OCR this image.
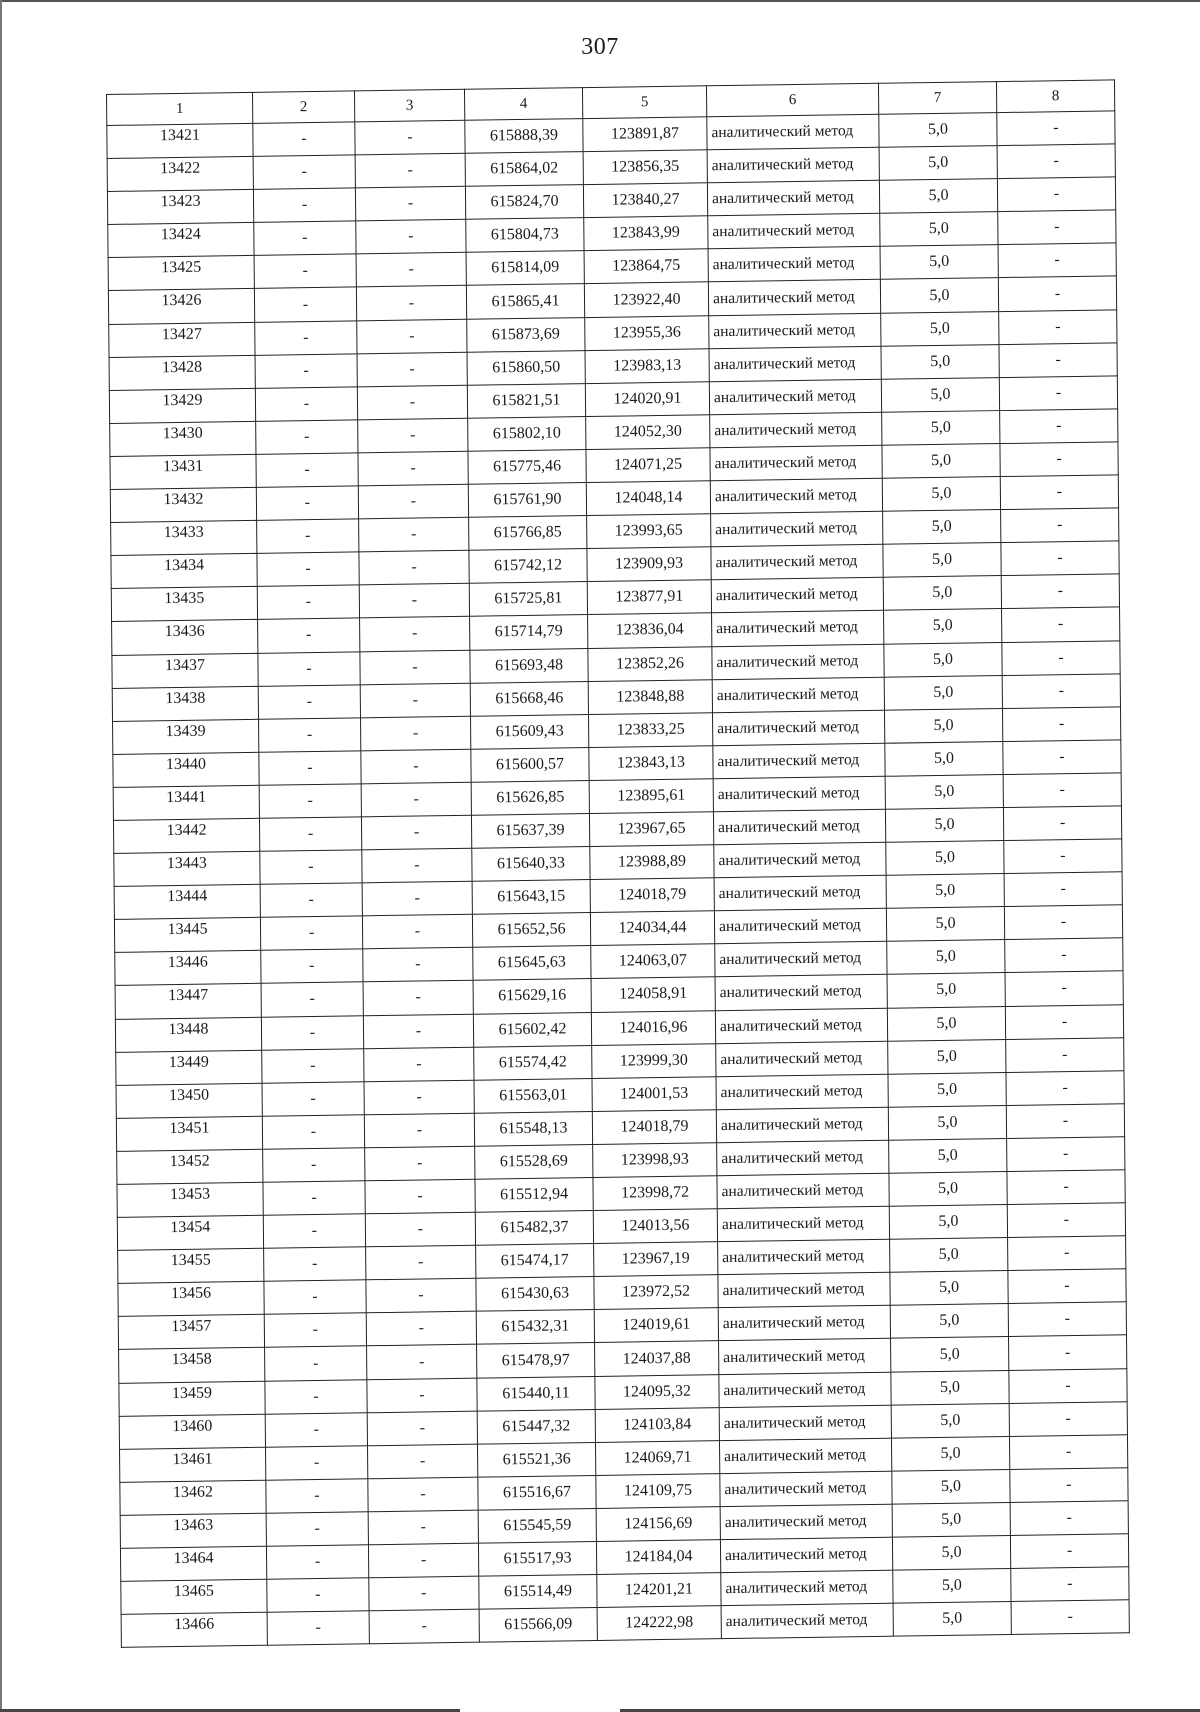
307
1	2	3	4	5	6	7	8
13421	-	-	615888,39	123891,87	аналитический метод	5,0	-
13422	-	-	615864,02	123856,35	аналитический метод	5,0	-
13423	-	-	615824,70	123840,27	аналитический метод	5,0	-
13424	-	-	615804,73	123843,99	аналитический метод	5,0	-
13425	-	-	615814,09	123864,75	аналитический метод	5,0	-
13426	-	-	615865,41	123922,40	аналитический метод	5,0	-
13427	-	-	615873,69	123955,36	аналитический метод	5,0	-
13428	-	-	615860,50	123983,13	аналитический метод	5,0	-
13429	-	-	615821,51	124020,91	аналитический метод	5,0	-
13430	-	-	615802,10	124052,30	аналитический метод	5,0	-
13431	-	-	615775,46	124071,25	аналитический метод	5,0	-
13432	-	-	615761,90	124048,14	аналитический метод	5,0	-
13433	-	-	615766,85	123993,65	аналитический метод	5,0	-
13434	-	-	615742,12	123909,93	аналитический метод	5,0	-
13435	-	-	615725,81	123877,91	аналитический метод	5,0	-
13436	-	-	615714,79	123836,04	аналитический метод	5,0	-
13437	-	-	615693,48	123852,26	аналитический метод	5,0	-
13438	-	-	615668,46	123848,88	аналитический метод	5,0	-
13439	-	-	615609,43	123833,25	аналитический метод	5,0	-
13440	-	-	615600,57	123843,13	аналитический метод	5,0	-
13441	-	-	615626,85	123895,61	аналитический метод	5,0	-
13442	-	-	615637,39	123967,65	аналитический метод	5,0	-
13443	-	-	615640,33	123988,89	аналитический метод	5,0	-
13444	-	-	615643,15	124018,79	аналитический метод	5,0	-
13445	-	-	615652,56	124034,44	аналитический метод	5,0	-
13446	-	-	615645,63	124063,07	аналитический метод	5,0	-
13447	-	-	615629,16	124058,91	аналитический метод	5,0	-
13448	-	-	615602,42	124016,96	аналитический метод	5,0	-
13449	-	-	615574,42	123999,30	аналитический метод	5,0	-
13450	-	-	615563,01	124001,53	аналитический метод	5,0	-
13451	-	-	615548,13	124018,79	аналитический метод	5,0	-
13452	-	-	615528,69	123998,93	аналитический метод	5,0	-
13453	-	-	615512,94	123998,72	аналитический метод	5,0	-
13454	-	-	615482,37	124013,56	аналитический метод	5,0	-
13455	-	-	615474,17	123967,19	аналитический метод	5,0	-
13456	-	-	615430,63	123972,52	аналитический метод	5,0	-
13457	-	-	615432,31	124019,61	аналитический метод	5,0	-
13458	-	-	615478,97	124037,88	аналитический метод	5,0	-
13459	-	-	615440,11	124095,32	аналитический метод	5,0	-
13460	-	-	615447,32	124103,84	аналитический метод	5,0	-
13461	-	-	615521,36	124069,71	аналитический метод	5,0	-
13462	-	-	615516,67	124109,75	аналитический метод	5,0	-
13463	-	-	615545,59	124156,69	аналитический метод	5,0	-
13464	-	-	615517,93	124184,04	аналитический метод	5,0	-
13465	-	-	615514,49	124201,21	аналитический метод	5,0	-
13466	-	-	615566,09	124222,98	аналитический метод	5,0	-
